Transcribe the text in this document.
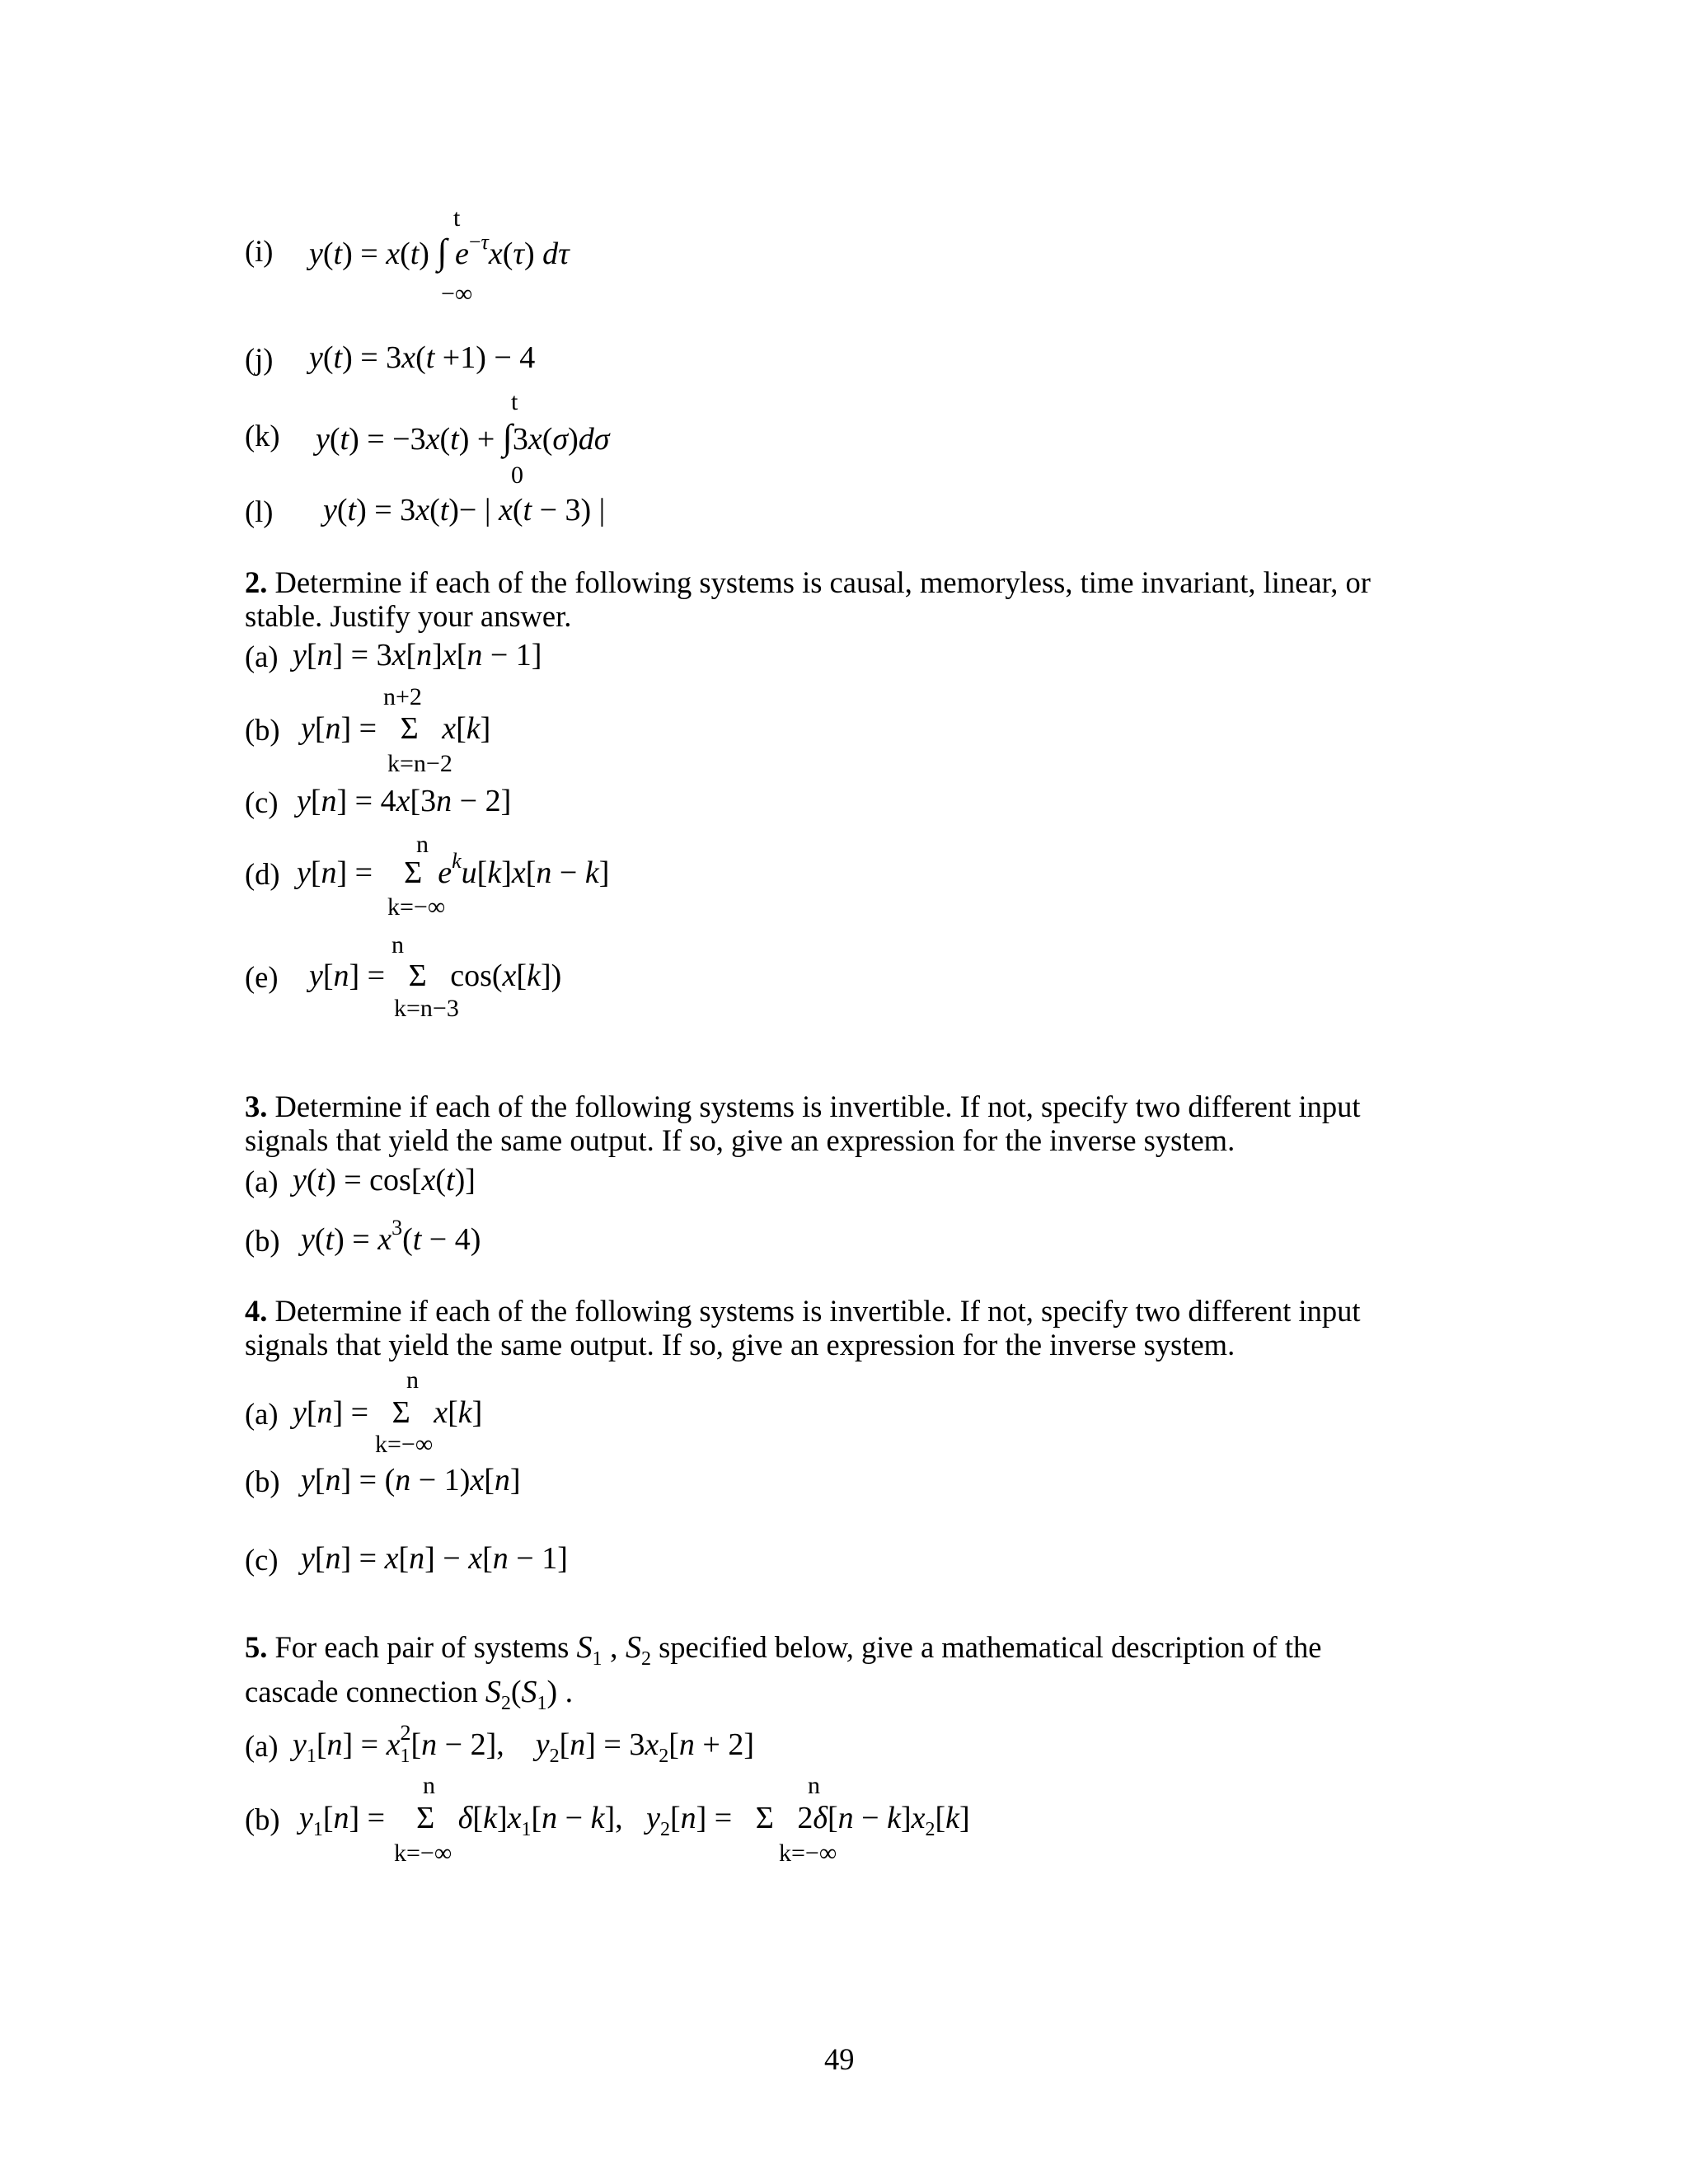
t
(i) y(t) = x(t) ∫ $e^{-\tau}x(\tau)$ dτ
−∞
(j) y(t) = 3x(t +1) − 4
t
(k) y(t) = −3x(t) + ∫3x(σ)dσ
0
(l) y(t) = 3x(t)− | x(t − 3) |
2. Determine if each of the following systems is causal, memoryless, time invariant, linear, or stable. Justify your answer.
(a) y[n] = 3x[n]x[n − 1]
n+2
(b) y[n] =   Σ   x[k]
k=n−2
(c) y[n] = 4x[3n − 2]
n
(d) y[n] =    Σ  $e^ku[k]x[n - k]$
k=−∞
n
(e) y[n] =   Σ   cos(x[k])
k=n−3
3. Determine if each of the following systems is invertible. If not, specify two different input signals that yield the same output. If so, give an expression for the inverse system.
(a) y(t) = cos[x(t)]
(b) $y(t) = x^3(t - 4)$
4. Determine if each of the following systems is invertible. If not, specify two different input signals that yield the same output. If so, give an expression for the inverse system.
n
(a) y[n] =   Σ   x[k]
k=−∞
(b) y[n] = (n − 1)x[n]
(c) y[n] = x[n] − x[n − 1]
5. For each pair of systems $S_1$ , $S_2$ specified below, give a mathematical description of the
cascade connection $S_2(S_1)$ .
(a) $y_1[n] = x_1^2[n - 2]$,    $y_2[n] = 3x_2[n + 2]$
n	n
(b) $y_1[n]$ =    Σ   $\delta[k]x_1[n - k]$,   $y_2[n] = \Sigma$   $2\delta[n - k]x_2[k]$
k=−∞	k=−∞
49
